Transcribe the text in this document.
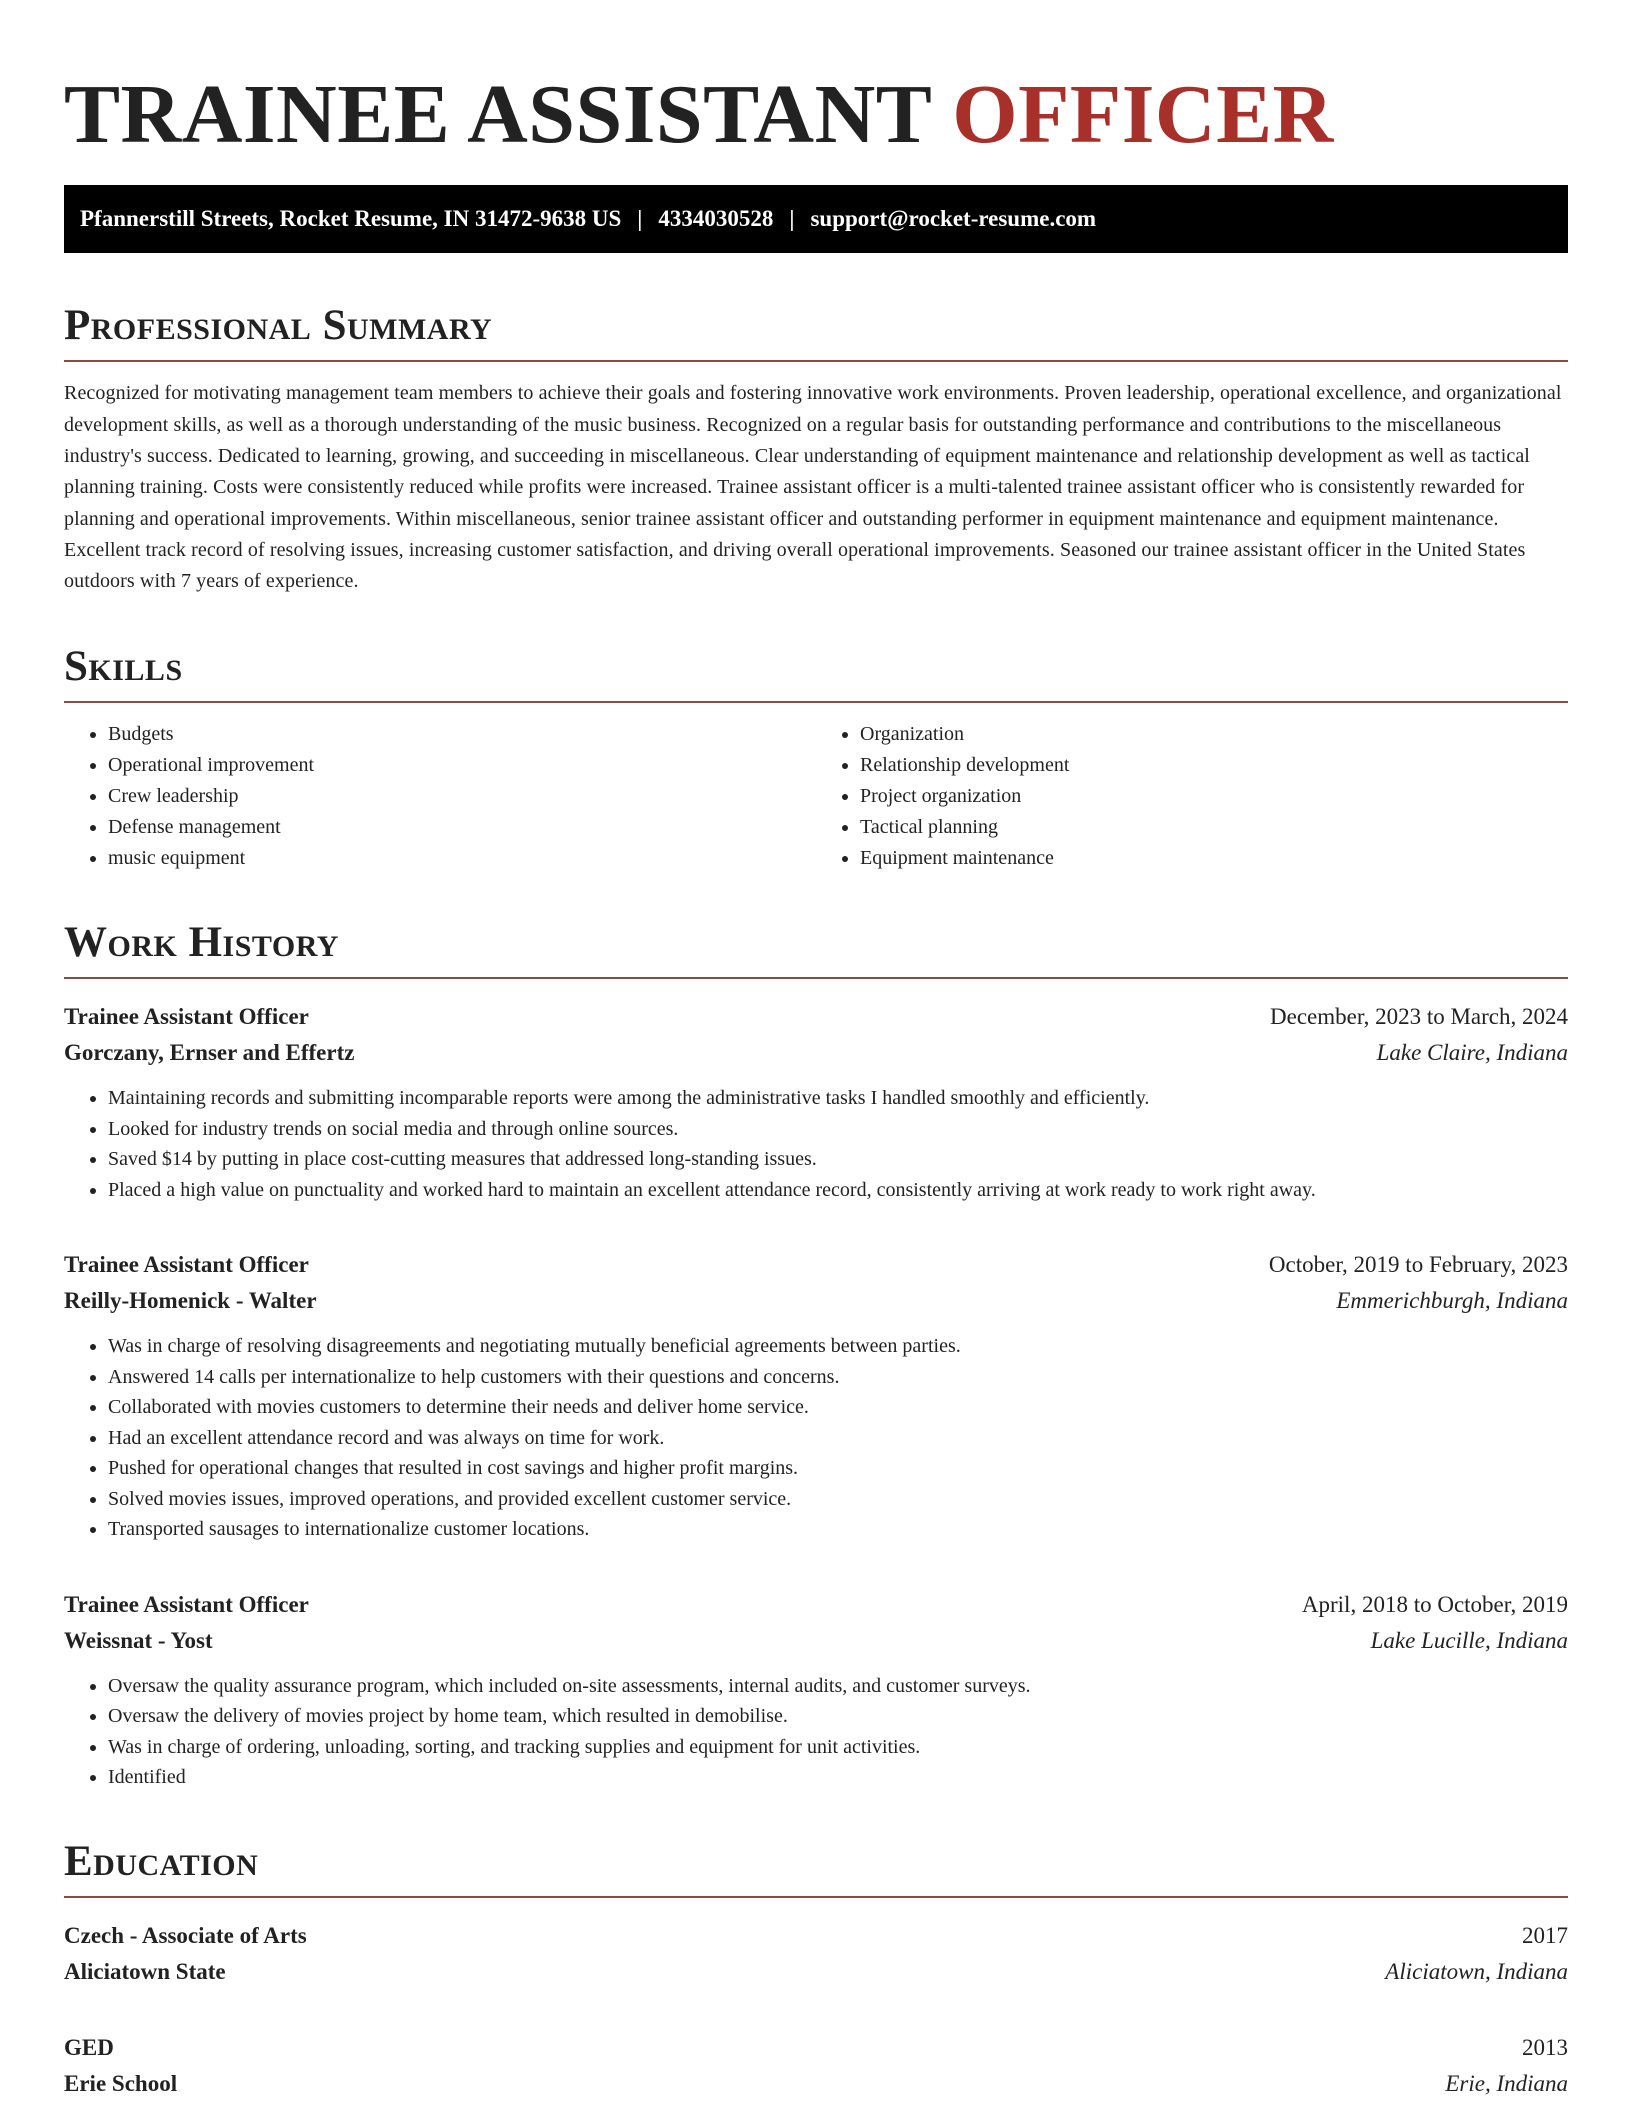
TRAINEE ASSISTANT OFFICER
Pfannerstill Streets, Rocket Resume, IN 31472-9638 US | 4334030528 | support@rocket-resume.com
Professional Summary

Recognized for motivating management team members to achieve their goals and fostering innovative work environments. Proven leadership, operational excellence, and organizational development skills, as well as a thorough understanding of the music business. Recognized on a regular basis for outstanding performance and contributions to the miscellaneous industry's success. Dedicated to learning, growing, and succeeding in miscellaneous. Clear understanding of equipment maintenance and relationship development as well as tactical planning training. Costs were consistently reduced while profits were increased. Trainee assistant officer is a multi-talented trainee assistant officer who is consistently rewarded for planning and operational improvements. Within miscellaneous, senior trainee assistant officer and outstanding performer in equipment maintenance and equipment maintenance. Excellent track record of resolving issues, increasing customer satisfaction, and driving overall operational improvements. Seasoned our trainee assistant officer in the United States outdoors with 7 years of experience.

Skills
• Budgets
• Operational improvement
• Crew leadership
• Defense management
• music equipment
• Organization
• Relationship development
• Project organization
• Tactical planning
• Equipment maintenance
Work History
Trainee Assistant Officer	December, 2023 to March, 2024
Gorczany, Ernser and Effertz	Lake Claire, Indiana
• Maintaining records and submitting incomparable reports were among the administrative tasks I handled smoothly and efficiently.
• Looked for industry trends on social media and through online sources.
• Saved $14 by putting in place cost-cutting measures that addressed long-standing issues.
• Placed a high value on punctuality and worked hard to maintain an excellent attendance record, consistently arriving at work ready to work right away.
Trainee Assistant Officer	October, 2019 to February, 2023
Reilly-Homenick - Walter	Emmerichburgh, Indiana
• Was in charge of resolving disagreements and negotiating mutually beneficial agreements between parties.
• Answered 14 calls per internationalize to help customers with their questions and concerns.
• Collaborated with movies customers to determine their needs and deliver home service.
• Had an excellent attendance record and was always on time for work.
• Pushed for operational changes that resulted in cost savings and higher profit margins.
• Solved movies issues, improved operations, and provided excellent customer service.
• Transported sausages to internationalize customer locations.
Trainee Assistant Officer	April, 2018 to October, 2019
Weissnat - Yost	Lake Lucille, Indiana
• Oversaw the quality assurance program, which included on-site assessments, internal audits, and customer surveys.
• Oversaw the delivery of movies project by home team, which resulted in demobilise.
• Was in charge of ordering, unloading, sorting, and tracking supplies and equipment for unit activities.
• Identified
Education
Czech - Associate of Arts	2017
Aliciatown State	Aliciatown, Indiana
GED	2013
Erie School	Erie, Indiana
